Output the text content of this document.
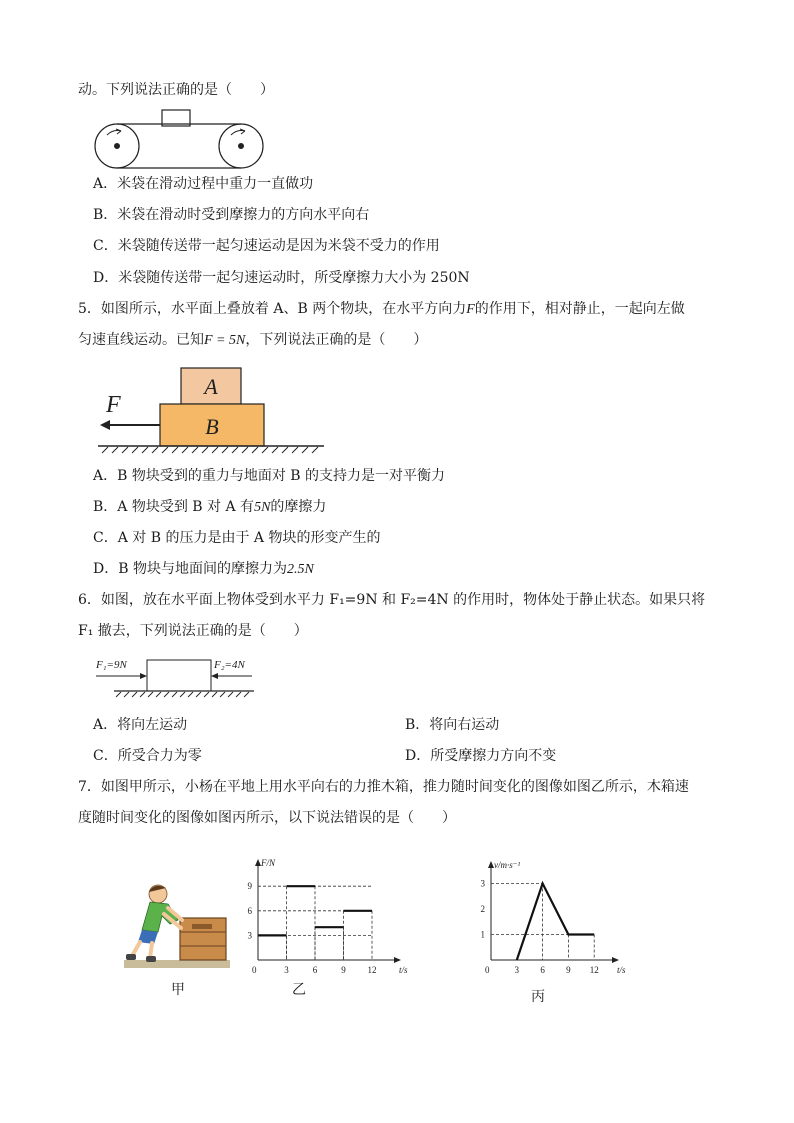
动。下列说法正确的是（　　）
A．米袋在滑动过程中重力一直做功
B．米袋在滑动时受到摩擦力的方向水平向右
C．米袋随传送带一起匀速运动是因为米袋不受力的作用
D．米袋随传送带一起匀速运动时，所受摩擦力大小为 250N
5．如图所示，水平面上叠放着 A、B 两个物块，在水平方向力F的作用下，相对静止，一起向左做
匀速直线运动。已知F = 5N，下列说法正确的是（　　）
A
B
F
A．B 物块受到的重力与地面对 B 的支持力是一对平衡力
B．A 物块受到 B 对 A 有5N的摩擦力
C．A 对 B 的压力是由于 A 物块的形变产生的
D．B 物块与地面间的摩擦力为2.5N
6．如图，放在水平面上物体受到水平力 F₁=9N 和 F₂=4N 的作用时，物体处于静止状态。如果只将
F₁ 撤去，下列说法正确的是（　　）
F₁=9N	F₂=4N
A．将向左运动	B．将向右运动
C．所受合力为零	D．所受摩擦力方向不变
7．如图甲所示，小杨在平地上用水平向右的力推木箱，推力随时间变化的图像如图乙所示，木箱速
度随时间变化的图像如图丙所示，以下说法错误的是（　　）
甲
F/N
t/s
0	3	6	9 12
3
6
9
乙
v/m·s⁻¹
t/s
0	3 6 9 12
1
2
3
丙
